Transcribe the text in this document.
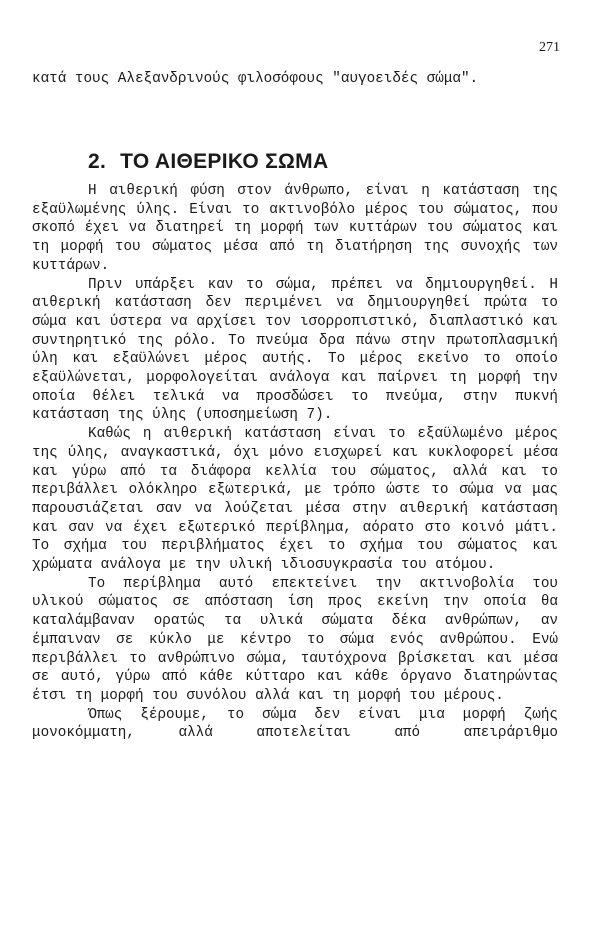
271

κατά τους Αλεξανδρινούς φιλοσόφους "αυγοειδές σώμα".

2. ΤΟ ΑΙΘΕΡΙΚΟ ΣΩΜΑ

Η αιθερική φύση στον άνθρωπο, είναι η κατάσταση της εξαϋλωμένης ύλης. Είναι το ακτινοβόλο μέρος του σώματος, που σκοπό έχει να διατηρεί τη μορφή των κυττάρων του σώματος και τη μορφή του σώματος μέσα από τη διατήρηση της συνοχής των κυττάρων.

Πριν υπάρξει καν το σώμα, πρέπει να δημιουργηθεί. Η αιθερική κατάσταση δεν περιμένει να δημιουργηθεί πρώτα το σώμα και ύστερα να αρχίσει τον ισορροπιστικό, διαπλαστικό και συντηρητικό της ρόλο. Το πνεύμα δρα πάνω στην πρωτοπλασμική ύλη και εξαϋλώνει μέρος αυτής. Το μέρος εκείνο το οποίο εξαϋλώνεται, μορφολογείται ανάλογα και παίρνει τη μορφή την οποία θέλει τελικά να προσδώσει το πνεύμα, στην πυκνή κατάσταση της ύλης (υποσημείωση 7).

Καθώς η αιθερική κατάσταση είναι το εξαϋλωμένο μέρος της ύλης, αναγκαστικά, όχι μόνο εισχωρεί και κυκλοφορεί μέσα και γύρω από τα διάφορα κελλία του σώματος, αλλά και το περιβάλλει ολόκληρο εξωτερικά, με τρόπο ώστε το σώμα να μας παρουσιάζεται σαν να λούζεται μέσα στην αιθερική κατάσταση και σαν να έχει εξωτερικό περίβλημα, αόρατο στο κοινό μάτι. Το σχήμα του περιβλήματος έχει το σχήμα του σώματος και χρώματα ανάλογα με την υλική ιδιοσυγκρασία του ατόμου.

Το περίβλημα αυτό επεκτείνει την ακτινοβολία του υλικού σώματος σε απόσταση ίση προς εκείνη την οποία θα καταλάμβαναν ορατώς τα υλικά σώματα δέκα ανθρώπων, αν έμπαιναν σε κύκλο με κέντρο το σώμα ενός ανθρώπου. Ενώ περιβάλλει το ανθρώπινο σώμα, ταυτόχρονα βρίσκεται και μέσα σε αυτό, γύρω από κάθε κύτταρο και κάθε όργανο διατηρώντας έτσι τη μορφή του συνόλου αλλά και τη μορφή του μέρους.

Όπως ξέρουμε, το σώμα δεν είναι μια μορφή ζωής μονοκόμματη, αλλά αποτελείται από απειράριθμο
